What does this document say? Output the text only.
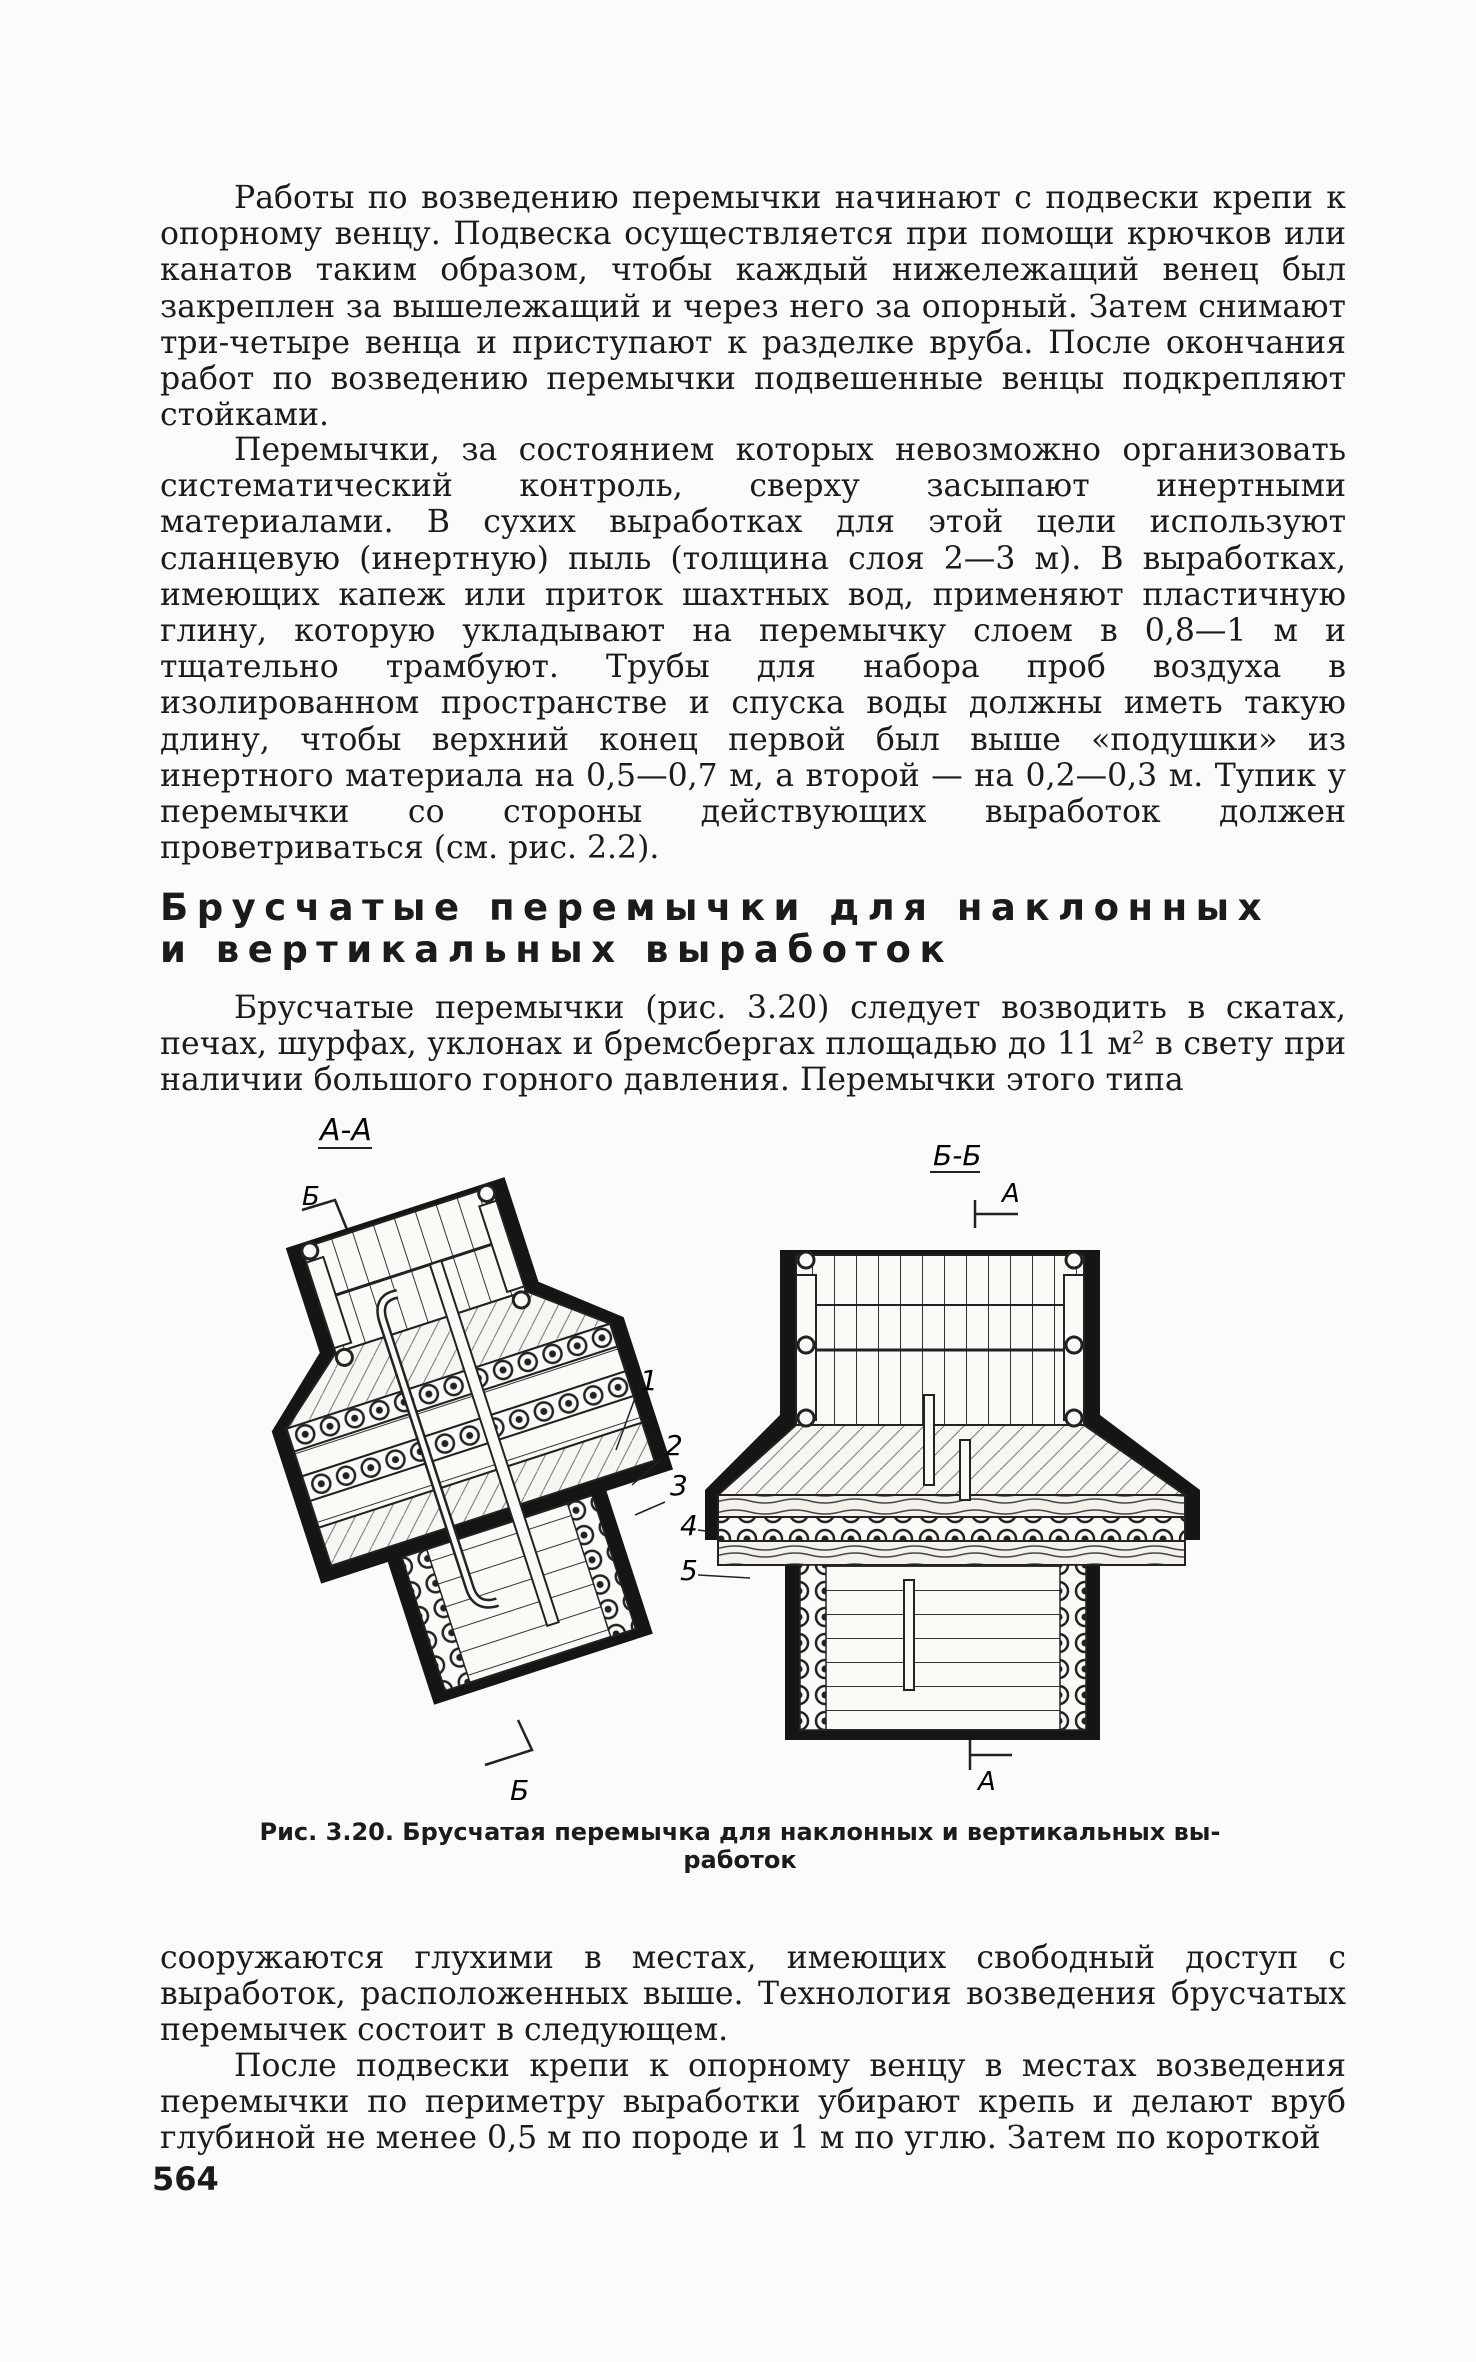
Работы по возведению перемычки начинают с подвески крепи к опорному венцу. Подвеска осуществляется при помощи крючков или канатов таким образом, чтобы каждый нижележащий венец был закреплен за вышележащий и через него за опорный. Затем снимают три-четыре венца и приступают к разделке вруба. После окончания работ по возведению перемычки подвешенные венцы подкрепляют стойками.

Перемычки, за состоянием которых невозможно организовать систематический контроль, сверху засыпают инертными материалами. В сухих выработках для этой цели используют сланцевую (инертную) пыль (толщина слоя 2—3 м). В выработках, имеющих капеж или приток шахтных вод, применяют пластичную глину, которую укладывают на перемычку слоем в 0,8—1 м и тщательно трамбуют. Трубы для набора проб воздуха в изолированном пространстве и спуска воды должны иметь такую длину, чтобы верхний конец первой был выше «подушки» из инертного материала на 0,5—0,7 м, а второй — на 0,2—0,3 м. Тупик у перемычки со стороны действующих выработок должен проветриваться (см. рис. 2.2).

Брусчатые перемычки для наклонных
и вертикальных выработок

Брусчатые перемычки (рис. 3.20) следует возводить в скатах, печах, шурфах, уклонах и бремсбергах площадью до 11 м² в свету при наличии большого горного давления. Перемычки этого типа

А-А
Б-Б
Б	А
Б	А
1
2
3
4
5

Рис. 3.20. Брусчатая перемычка для наклонных и вертикальных вы-

работок

сооружаются глухими в местах, имеющих свободный доступ с выработок, расположенных выше. Технология возведения брусчатых перемычек состоит в следующем.

После подвески крепи к опорному венцу в местах возведения перемычки по периметру выработки убирают крепь и делают вруб глубиной не менее 0,5 м по породе и 1 м по углю. Затем по короткой

564
